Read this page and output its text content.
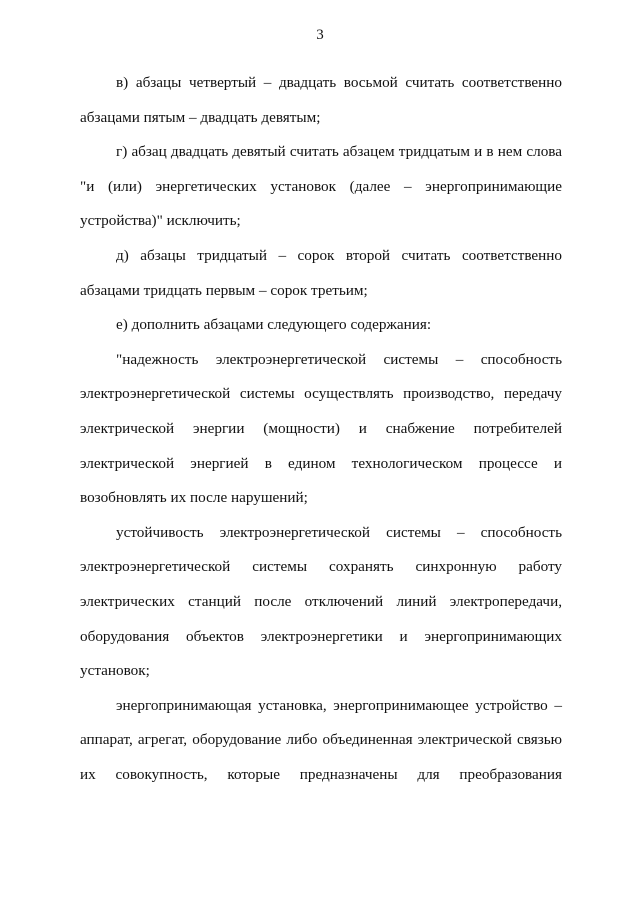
3

в) абзацы четвертый – двадцать восьмой считать соответственно абзацами пятым – двадцать девятым;

г) абзац двадцать девятый считать абзацем тридцатым и в нем слова "и (или) энергетических установок (далее – энергопринимающие устройства)" исключить;

д) абзацы тридцатый – сорок второй считать соответственно абзацами тридцать первым – сорок третьим;

е) дополнить абзацами следующего содержания:

"надежность электроэнергетической системы – способность электроэнергетической системы осуществлять производство, передачу электрической энергии (мощности) и снабжение потребителей электрической энергией в едином технологическом процессе и возобновлять их после нарушений;

устойчивость электроэнергетической системы – способность электроэнергетической системы сохранять синхронную работу электрических станций после отключений линий электропередачи, оборудования объектов электроэнергетики и энергопринимающих установок;

энергопринимающая установка, энергопринимающее устройство – аппарат, агрегат, оборудование либо объединенная электрической связью их совокупность, которые предназначены для преобразования
